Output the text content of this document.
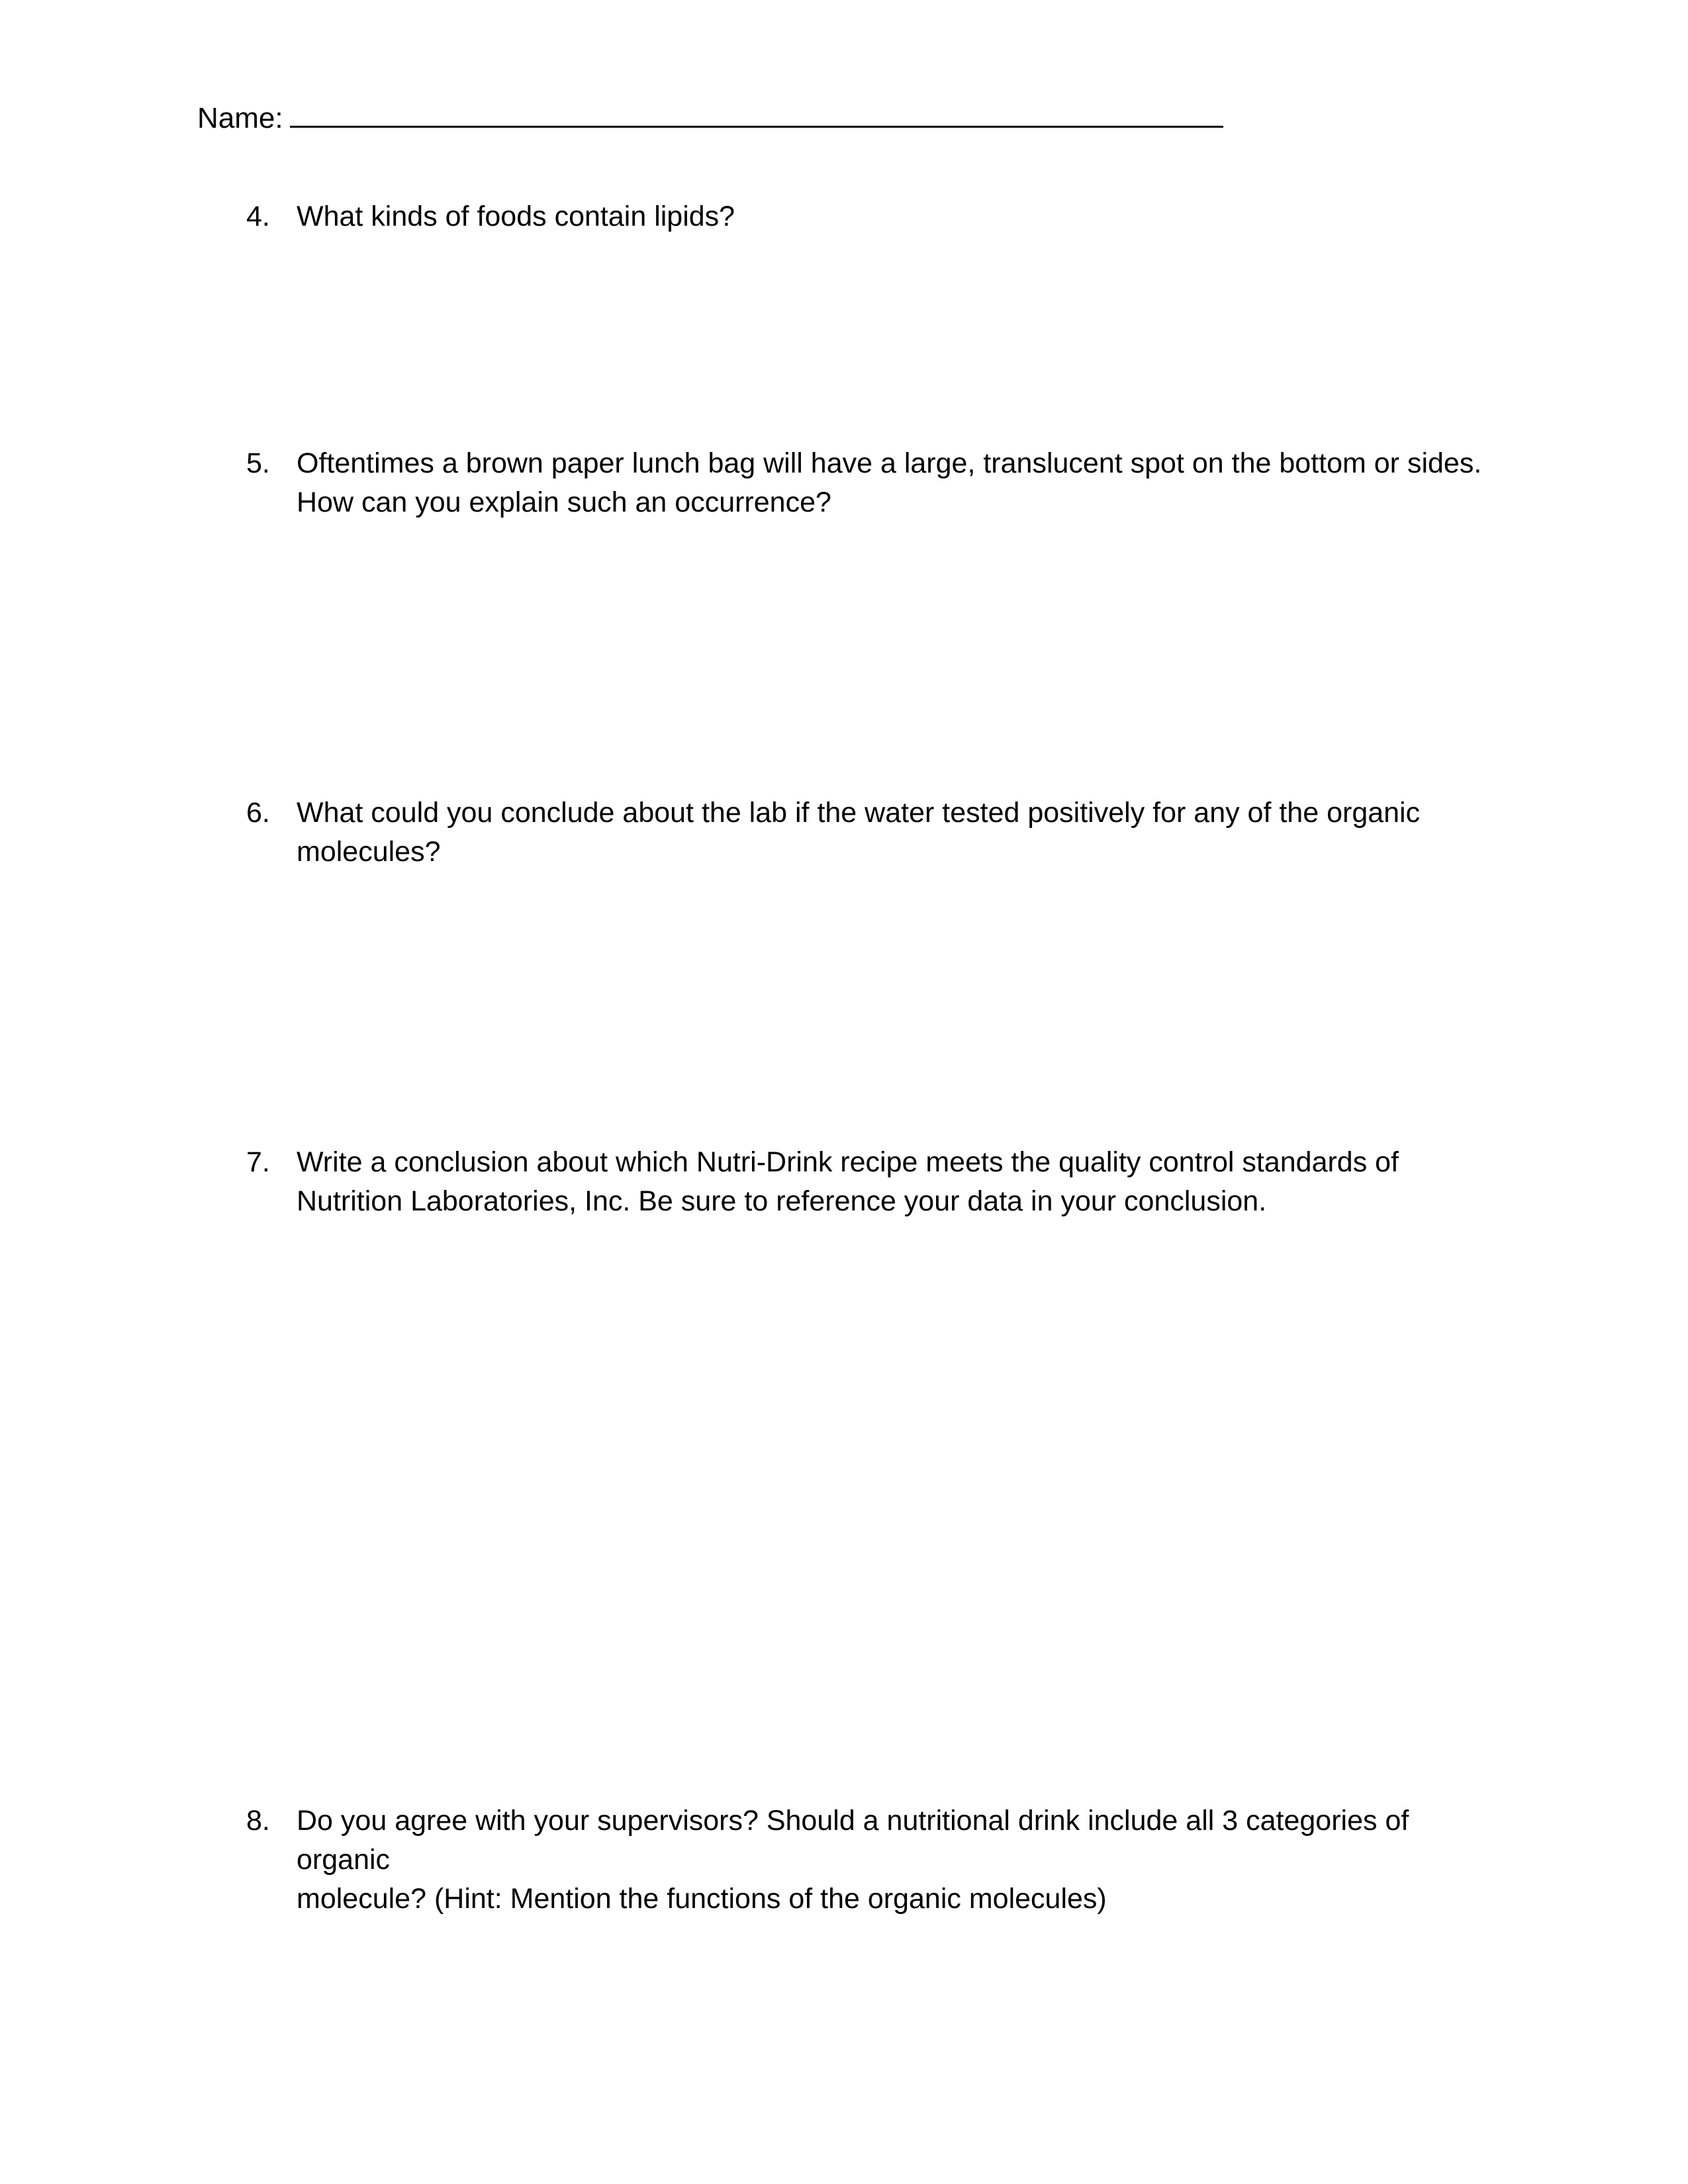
Name:
4. What kinds of foods contain lipids?
5. Oftentimes a brown paper lunch bag will have a large, translucent spot on the bottom or sides.
How can you explain such an occurrence?
6. What could you conclude about the lab if the water tested positively for any of the organic
molecules?
7. Write a conclusion about which Nutri-Drink recipe meets the quality control standards of
Nutrition Laboratories, Inc. Be sure to reference your data in your conclusion.
8. Do you agree with your supervisors? Should a nutritional drink include all 3 categories of organic
molecule? (Hint: Mention the functions of the organic molecules)
